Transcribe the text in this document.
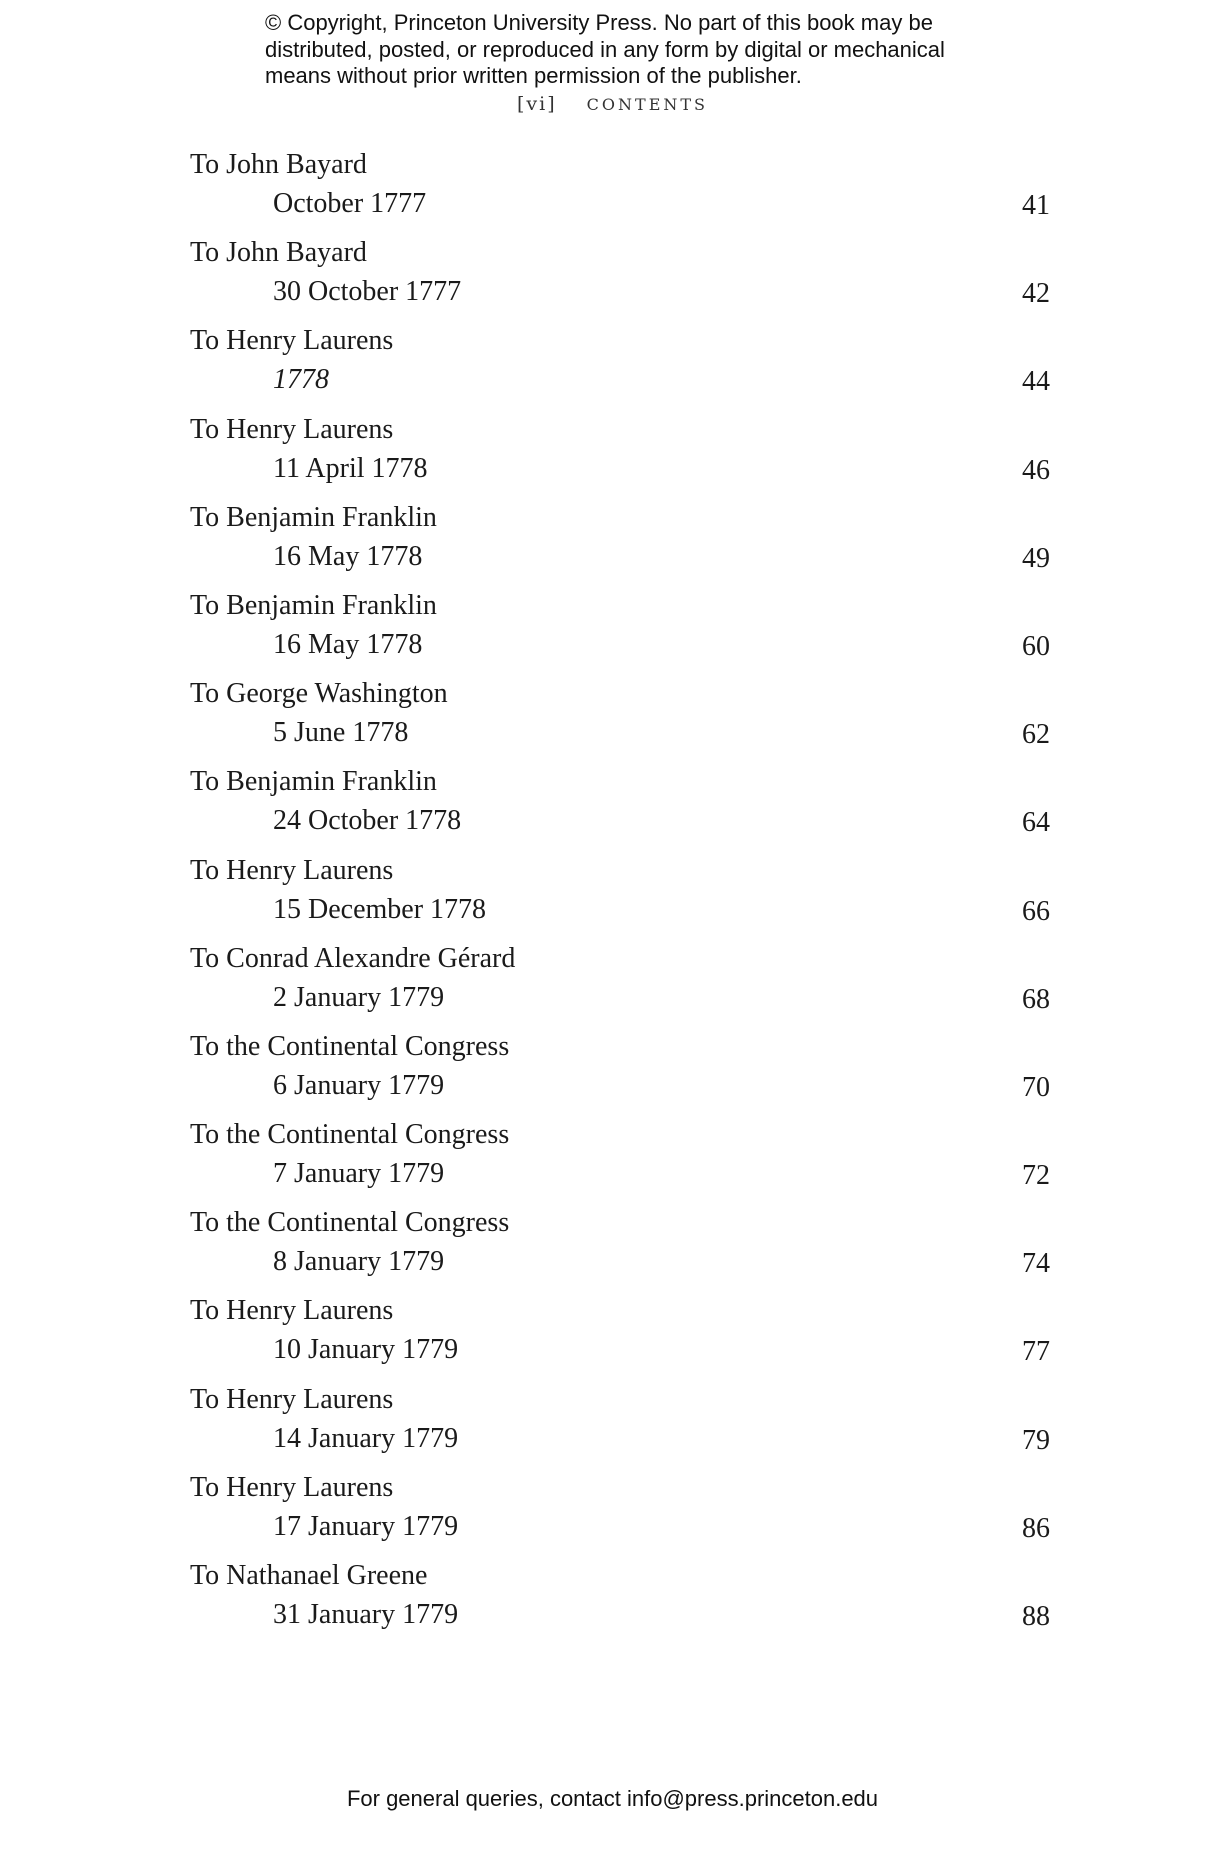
© Copyright, Princeton University Press. No part of this book may be
distributed, posted, or reproduced in any form by digital or mechanical
means without prior written permission of the publisher.
[vi] CONTENTS
To John Bayard
October 1777	41
To John Bayard
30 October 1777	42
To Henry Laurens
1778	44
To Henry Laurens
11 April 1778	46
To Benjamin Franklin
16 May 1778	49
To Benjamin Franklin
16 May 1778	60
To George Washington
5 June 1778	62
To Benjamin Franklin
24 October 1778	64
To Henry Laurens
15 December 1778	66
To Conrad Alexandre Gérard
2 January 1779	68
To the Continental Congress
6 January 1779	70
To the Continental Congress
7 January 1779	72
To the Continental Congress
8 January 1779	74
To Henry Laurens
10 January 1779	77
To Henry Laurens
14 January 1779	79
To Henry Laurens
17 January 1779	86
To Nathanael Greene
31 January 1779	88
For general queries, contact info@press.princeton.edu
